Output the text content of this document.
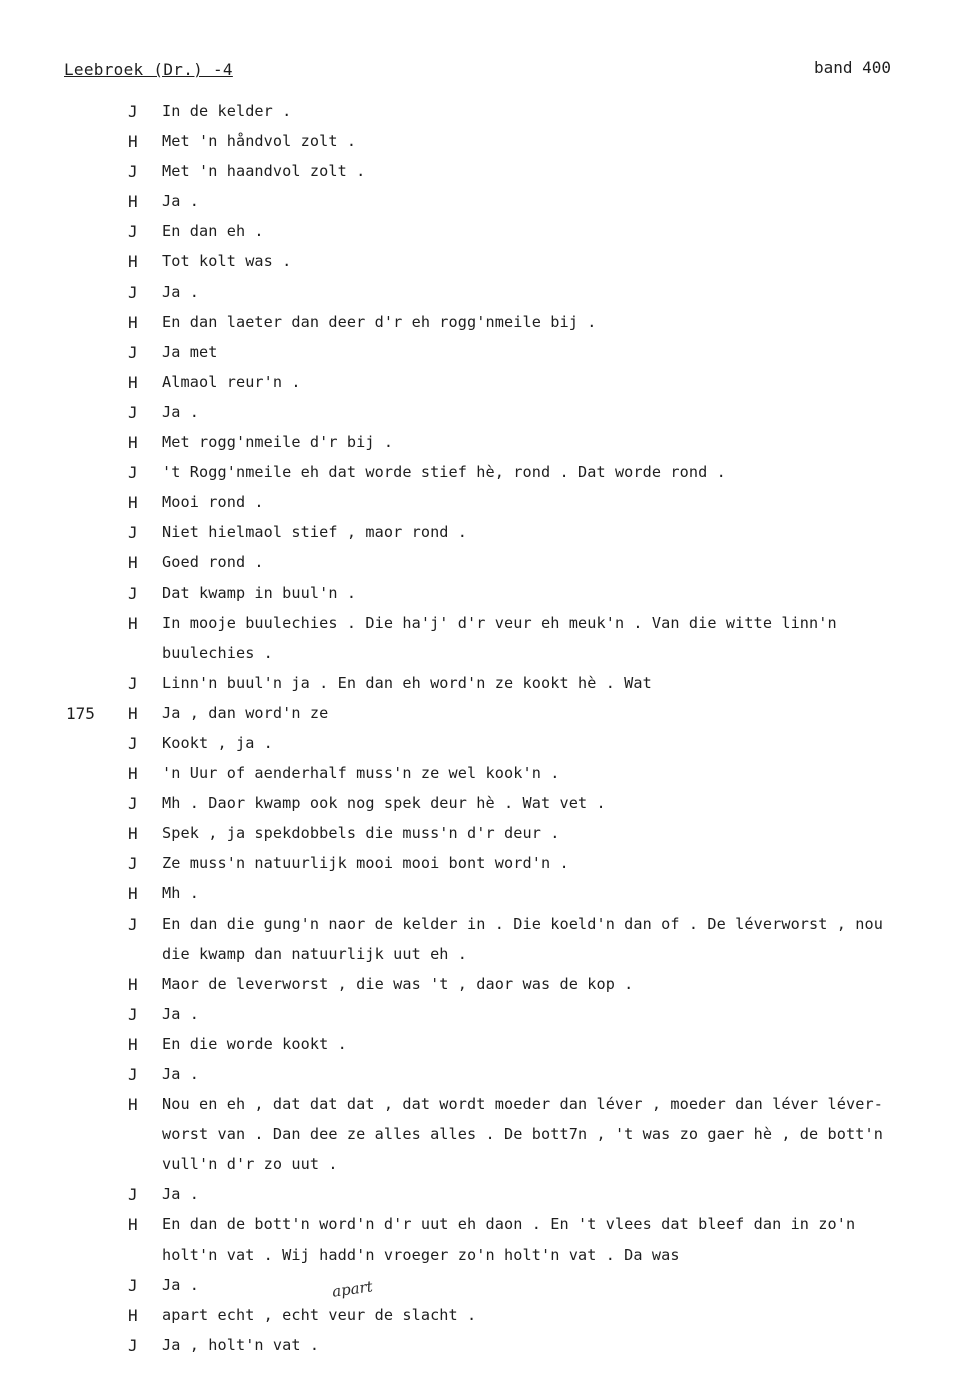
Leebroek (Dr.) -4	band 400
J	In de kelder .
H	Met 'n håndvol zolt .
J	Met 'n haandvol zolt .
H	Ja .
J	En dan eh .
H	Tot kolt was .
J	Ja .
H	En dan laeter dan deer d'r eh rogg'nmeile bij .
J	Ja met
H	Almaol reur'n .
J	Ja .
H	Met rogg'nmeile d'r bij .
J	't Rogg'nmeile eh dat worde stief hè, rond . Dat worde rond .
H	Mooi rond .
J	Niet hielmaol stief , maor rond .
H	Goed rond .
J	Dat kwamp in buul'n .
H	In mooje buulechies . Die ha'j' d'r veur eh meuk'n . Van die witte linn'n
buulechies .
J	Linn'n buul'n ja . En dan eh word'n ze kookt hè . Wat
175 H	Ja , dan word'n ze
J	Kookt , ja .
H	'n Uur of aenderhalf muss'n ze wel kook'n .
J	Mh . Daor kwamp ook nog spek deur hè . Wat vet .
H	Spek , ja spekdobbels die muss'n d'r deur .
J	Ze muss'n natuurlijk mooi mooi bont word'n .
H	Mh .
J	En dan die gung'n naor de kelder in . Die koeld'n dan of . De léverworst , nou
die kwamp dan natuurlijk uut eh .
H	Maor de leverworst , die was 't , daor was de kop .
J	Ja .
H	En die worde kookt .
J	Ja .
H	Nou en eh , dat dat dat , dat wordt moeder dan léver , moeder dan léver léver-
worst van . Dan dee ze alles alles . De bott7n , 't was zo gaer hè , de bott'n
vull'n d'r zo uut .
J	Ja .
H	En dan de bott'n word'n d'r uut eh daon . En 't vlees dat bleef dan in zo'n
holt'n vat . Wij hadd'n vroeger zo'n holt'n vat . Da was
J	Ja .
H	apart echt , echt veur de slacht .
J	Ja , holt'n vat .
apart
